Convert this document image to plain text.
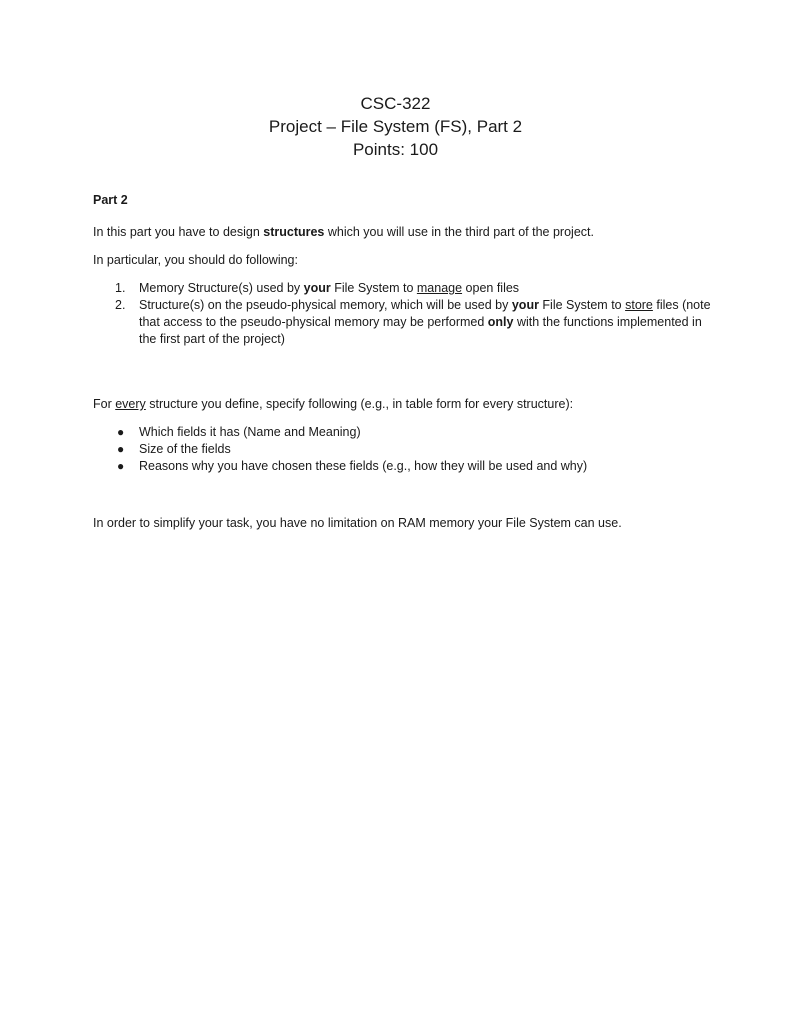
CSC-322
Project – File System (FS), Part 2
Points: 100

Part 2

In this part you have to design structures which you will use in the third part of the project.

In particular, you should do following:

1. Memory Structure(s) used by your File System to manage open files

2. Structure(s) on the pseudo-physical memory, which will be used by your File System to store files (note that access to the pseudo-physical memory may be performed only with the functions implemented in the first part of the project)

For every structure you define, specify following (e.g., in table form for every structure):

● Which fields it has (Name and Meaning)

● Size of the fields

● Reasons why you have chosen these fields (e.g., how they will be used and why)

In order to simplify your task, you have no limitation on RAM memory your File System can use.
